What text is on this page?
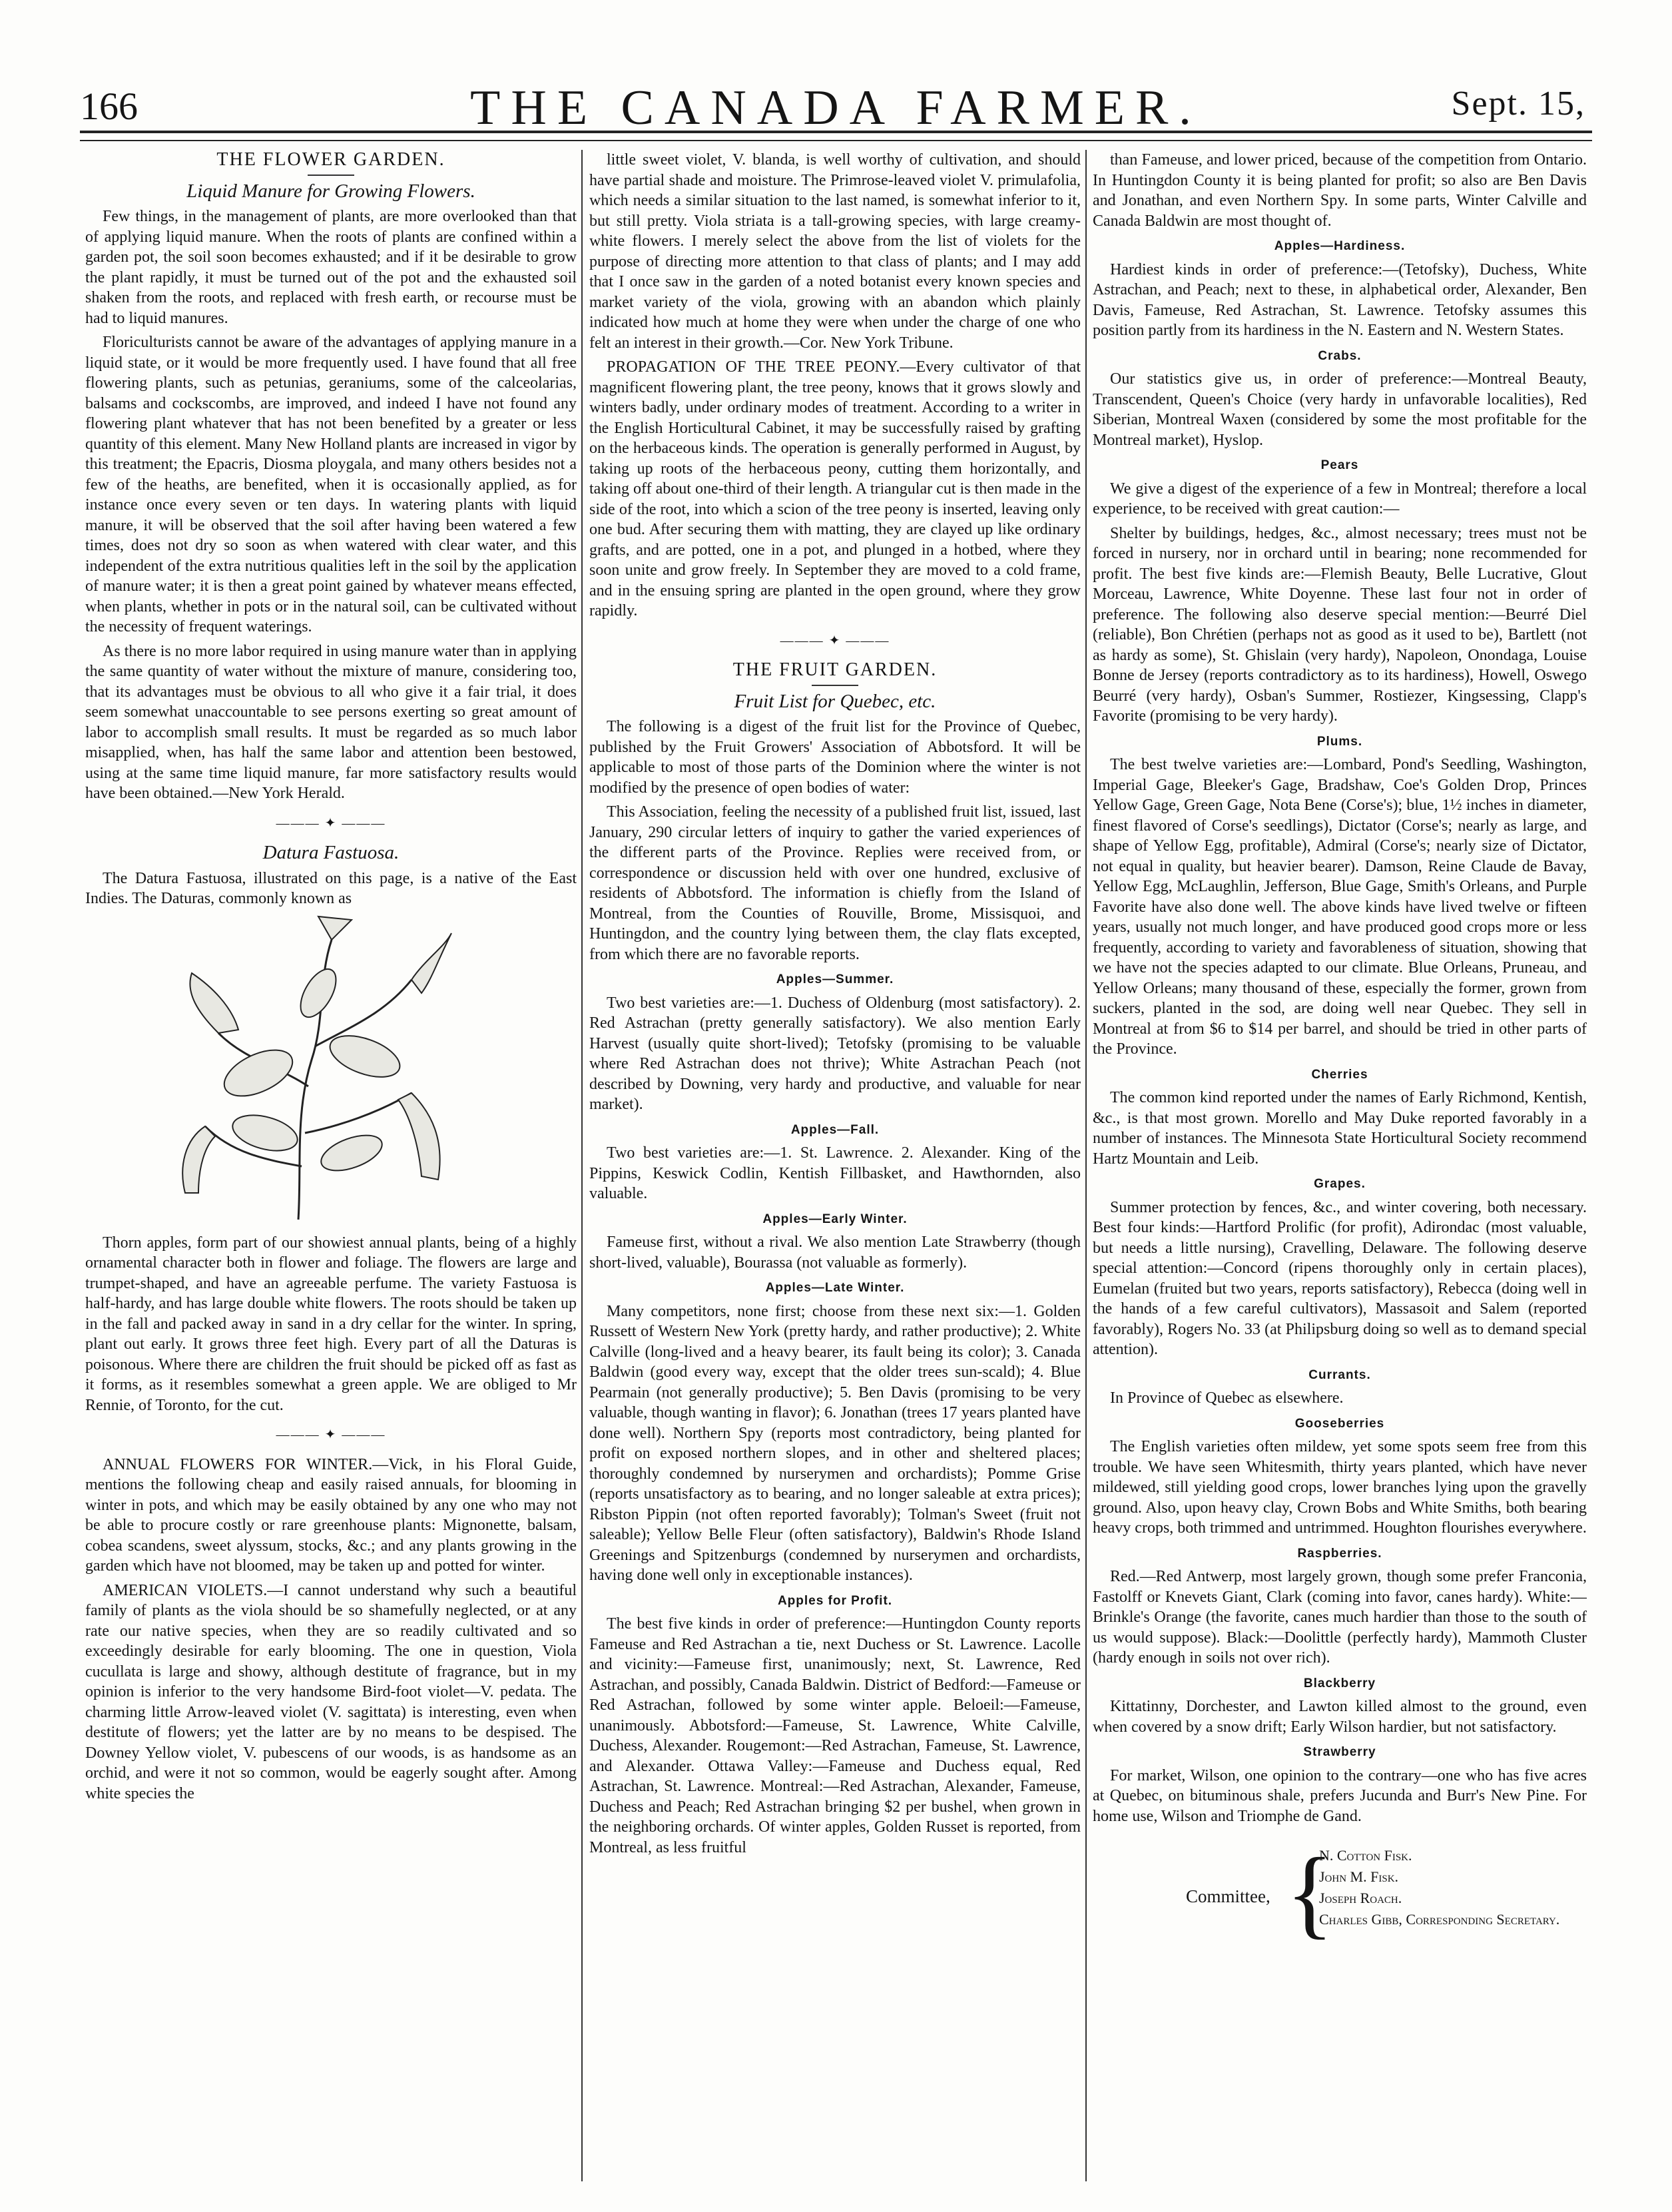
166	THE CANADA FARMER.	Sept. 15,
THE FLOWER GARDEN.
Liquid Manure for Growing Flowers.

Few things, in the management of plants, are more overlooked than that of applying liquid manure. When the roots of plants are confined within a garden pot, the soil soon becomes exhausted; and if it be desirable to grow the plant rapidly, it must be turned out of the pot and the exhausted soil shaken from the roots, and replaced with fresh earth, or recourse must be had to liquid manures.

Floriculturists cannot be aware of the advantages of applying manure in a liquid state, or it would be more frequently used. I have found that all free flowering plants, such as petunias, geraniums, some of the calceolarias, balsams and cockscombs, are improved, and indeed I have not found any flowering plant whatever that has not been benefited by a greater or less quantity of this element. Many New Holland plants are increased in vigor by this treatment; the Epacris, Diosma ploygala, and many others besides not a few of the heaths, are benefited, when it is occasionally applied, as for instance once every seven or ten days. In watering plants with liquid manure, it will be observed that the soil after having been watered a few times, does not dry so soon as when watered with clear water, and this independent of the extra nutritious qualities left in the soil by the application of manure water; it is then a great point gained by whatever means effected, when plants, whether in pots or in the natural soil, can be cultivated without the necessity of frequent waterings.

As there is no more labor required in using manure water than in applying the same quantity of water without the mixture of manure, considering too, that its advantages must be obvious to all who give it a fair trial, it does seem somewhat unaccountable to see persons exerting so great amount of labor to accomplish small results. It must be regarded as so much labor misapplied, when, has half the same labor and attention been bestowed, using at the same time liquid manure, far more satisfactory results would have been obtained.—New York Herald.

——— ✦ ———
Datura Fastuosa.

The Datura Fastuosa, illustrated on this page, is a native of the East Indies. The Daturas, commonly known as

Thorn apples, form part of our showiest annual plants, being of a highly ornamental character both in flower and foliage. The flowers are large and trumpet-shaped, and have an agreeable perfume. The variety Fastuosa is half-hardy, and has large double white flowers. The roots should be taken up in the fall and packed away in sand in a dry cellar for the winter. In spring, plant out early. It grows three feet high. Every part of all the Daturas is poisonous. Where there are children the fruit should be picked off as fast as it forms, as it resembles somewhat a green apple. We are obliged to Mr Rennie, of Toronto, for the cut.

——— ✦ ———

ANNUAL FLOWERS FOR WINTER.—Vick, in his Floral Guide, mentions the following cheap and easily raised annuals, for blooming in winter in pots, and which may be easily obtained by any one who may not be able to procure costly or rare greenhouse plants: Mignonette, balsam, cobea scandens, sweet alyssum, stocks, &c.; and any plants growing in the garden which have not bloomed, may be taken up and potted for winter.

AMERICAN VIOLETS.—I cannot understand why such a beautiful family of plants as the viola should be so shamefully neglected, or at any rate our native species, when they are so readily cultivated and so exceedingly desirable for early blooming. The one in question, Viola cucullata is large and showy, although destitute of fragrance, but in my opinion is inferior to the very handsome Bird-foot violet—V. pedata. The charming little Arrow-leaved violet (V. sagittata) is interesting, even when destitute of flowers; yet the latter are by no means to be despised. The Downey Yellow violet, V. pubescens of our woods, is as handsome as an orchid, and were it not so common, would be eagerly sought after. Among white species the

little sweet violet, V. blanda, is well worthy of cultivation, and should have partial shade and moisture. The Primrose-leaved violet V. primulafolia, which needs a similar situation to the last named, is somewhat inferior to it, but still pretty. Viola striata is a tall-growing species, with large creamy-white flowers. I merely select the above from the list of violets for the purpose of directing more attention to that class of plants; and I may add that I once saw in the garden of a noted botanist every known species and market variety of the viola, growing with an abandon which plainly indicated how much at home they were when under the charge of one who felt an interest in their growth.—Cor. New York Tribune.

PROPAGATION OF THE TREE PEONY.—Every cultivator of that magnificent flowering plant, the tree peony, knows that it grows slowly and winters badly, under ordinary modes of treatment. According to a writer in the English Horticultural Cabinet, it may be successfully raised by grafting on the herbaceous kinds. The operation is generally performed in August, by taking up roots of the herbaceous peony, cutting them horizontally, and taking off about one-third of their length. A triangular cut is then made in the side of the root, into which a scion of the tree peony is inserted, leaving only one bud. After securing them with matting, they are clayed up like ordinary grafts, and are potted, one in a pot, and plunged in a hotbed, where they soon unite and grow freely. In September they are moved to a cold frame, and in the ensuing spring are planted in the open ground, where they grow rapidly.

——— ✦ ———
THE FRUIT GARDEN.
Fruit List for Quebec, etc.

The following is a digest of the fruit list for the Province of Quebec, published by the Fruit Growers' Association of Abbotsford. It will be applicable to most of those parts of the Dominion where the winter is not modified by the presence of open bodies of water:

This Association, feeling the necessity of a published fruit list, issued, last January, 290 circular letters of inquiry to gather the varied experiences of the different parts of the Province. Replies were received from, or correspondence or discussion held with over one hundred, exclusive of residents of Abbotsford. The information is chiefly from the Island of Montreal, from the Counties of Rouville, Brome, Missisquoi, and Huntingdon, and the country lying between them, the clay flats excepted, from which there are no favorable reports.

Apples—Summer.

Two best varieties are:—1. Duchess of Oldenburg (most satisfactory). 2. Red Astrachan (pretty generally satisfactory). We also mention Early Harvest (usually quite short-lived); Tetofsky (promising to be valuable where Red Astrachan does not thrive); White Astrachan Peach (not described by Downing, very hardy and productive, and valuable for near market).

Apples—Fall.

Two best varieties are:—1. St. Lawrence. 2. Alexander. King of the Pippins, Keswick Codlin, Kentish Fillbasket, and Hawthornden, also valuable.

Apples—Early Winter.

Fameuse first, without a rival. We also mention Late Strawberry (though short-lived, valuable), Bourassa (not valuable as formerly).

Apples—Late Winter.

Many competitors, none first; choose from these next six:—1. Golden Russett of Western New York (pretty hardy, and rather productive); 2. White Calville (long-lived and a heavy bearer, its fault being its color); 3. Canada Baldwin (good every way, except that the older trees sun-scald); 4. Blue Pearmain (not generally productive); 5. Ben Davis (promising to be very valuable, though wanting in flavor); 6. Jonathan (trees 17 years planted have done well). Northern Spy (reports most contradictory, being planted for profit on exposed northern slopes, and in other and sheltered places; thoroughly condemned by nurserymen and orchardists); Pomme Grise (reports unsatisfactory as to bearing, and no longer saleable at extra prices); Ribston Pippin (not often reported favorably); Tolman's Sweet (fruit not saleable); Yellow Belle Fleur (often satisfactory), Baldwin's Rhode Island Greenings and Spitzenburgs (condemned by nurserymen and orchardists, having done well only in exceptionable instances).

Apples for Profit.

The best five kinds in order of preference:—Huntingdon County reports Fameuse and Red Astrachan a tie, next Duchess or St. Lawrence. Lacolle and vicinity:—Fameuse first, unanimously; next, St. Lawrence, Red Astrachan, and possibly, Canada Baldwin. District of Bedford:—Fameuse or Red Astrachan, followed by some winter apple. Beloeil:—Fameuse, unanimously. Abbotsford:—Fameuse, St. Lawrence, White Calville, Duchess, Alexander. Rougemont:—Red Astrachan, Fameuse, St. Lawrence, and Alexander. Ottawa Valley:—Fameuse and Duchess equal, Red Astrachan, St. Lawrence. Montreal:—Red Astrachan, Alexander, Fameuse, Duchess and Peach; Red Astrachan bringing $2 per bushel, when grown in the neighboring orchards. Of winter apples, Golden Russet is reported, from Montreal, as less fruitful

than Fameuse, and lower priced, because of the competition from Ontario. In Huntingdon County it is being planted for profit; so also are Ben Davis and Jonathan, and even Northern Spy. In some parts, Winter Calville and Canada Baldwin are most thought of.

Apples—Hardiness.

Hardiest kinds in order of preference:—(Tetofsky), Duchess, White Astrachan, and Peach; next to these, in alphabetical order, Alexander, Ben Davis, Fameuse, Red Astrachan, St. Lawrence. Tetofsky assumes this position partly from its hardiness in the N. Eastern and N. Western States.

Crabs.

Our statistics give us, in order of preference:—Montreal Beauty, Transcendent, Queen's Choice (very hardy in unfavorable localities), Red Siberian, Montreal Waxen (considered by some the most profitable for the Montreal market), Hyslop.

Pears

We give a digest of the experience of a few in Montreal; therefore a local experience, to be received with great caution:—

Shelter by buildings, hedges, &c., almost necessary; trees must not be forced in nursery, nor in orchard until in bearing; none recommended for profit. The best five kinds are:—Flemish Beauty, Belle Lucrative, Glout Morceau, Lawrence, White Doyenne. These last four not in order of preference. The following also deserve special mention:—Beurré Diel (reliable), Bon Chrétien (perhaps not as good as it used to be), Bartlett (not as hardy as some), St. Ghislain (very hardy), Napoleon, Onondaga, Louise Bonne de Jersey (reports contradictory as to its hardiness), Howell, Oswego Beurré (very hardy), Osban's Summer, Rostiezer, Kingsessing, Clapp's Favorite (promising to be very hardy).

Plums.

The best twelve varieties are:—Lombard, Pond's Seedling, Washington, Imperial Gage, Bleeker's Gage, Bradshaw, Coe's Golden Drop, Princes Yellow Gage, Green Gage, Nota Bene (Corse's); blue, 1½ inches in diameter, finest flavored of Corse's seedlings), Dictator (Corse's; nearly as large, and shape of Yellow Egg, profitable), Admiral (Corse's; nearly size of Dictator, not equal in quality, but heavier bearer). Damson, Reine Claude de Bavay, Yellow Egg, McLaughlin, Jefferson, Blue Gage, Smith's Orleans, and Purple Favorite have also done well. The above kinds have lived twelve or fifteen years, usually not much longer, and have produced good crops more or less frequently, according to variety and favorableness of situation, showing that we have not the species adapted to our climate. Blue Orleans, Pruneau, and Yellow Orleans; many thousand of these, especially the former, grown from suckers, planted in the sod, are doing well near Quebec. They sell in Montreal at from $6 to $14 per barrel, and should be tried in other parts of the Province.

Cherries

The common kind reported under the names of Early Richmond, Kentish, &c., is that most grown. Morello and May Duke reported favorably in a number of instances. The Minnesota State Horticultural Society recommend Hartz Mountain and Leib.

Grapes.

Summer protection by fences, &c., and winter covering, both necessary. Best four kinds:—Hartford Prolific (for profit), Adirondac (most valuable, but needs a little nursing), Cravelling, Delaware. The following deserve special attention:—Concord (ripens thoroughly only in certain places), Eumelan (fruited but two years, reports satisfactory), Rebecca (doing well in the hands of a few careful cultivators), Massasoit and Salem (reported favorably), Rogers No. 33 (at Philipsburg doing so well as to demand special attention).

Currants.

In Province of Quebec as elsewhere.

Gooseberries

The English varieties often mildew, yet some spots seem free from this trouble. We have seen Whitesmith, thirty years planted, which have never mildewed, still yielding good crops, lower branches lying upon the gravelly ground. Also, upon heavy clay, Crown Bobs and White Smiths, both bearing heavy crops, both trimmed and untrimmed. Houghton flourishes everywhere.

Raspberries.

Red.—Red Antwerp, most largely grown, though some prefer Franconia, Fastolff or Knevets Giant, Clark (coming into favor, canes hardy). White:—Brinkle's Orange (the favorite, canes much hardier than those to the south of us would suppose). Black:—Doolittle (perfectly hardy), Mammoth Cluster (hardy enough in soils not over rich).

Blackberry

Kittatinny, Dorchester, and Lawton killed almost to the ground, even when covered by a snow drift; Early Wilson hardier, but not satisfactory.

Strawberry

For market, Wilson, one opinion to the contrary—one who has five acres at Quebec, on bituminous shale, prefers Jucunda and Burr's New Pine. For home use, Wilson and Triomphe de Gand.

Committee, {
N. Cotton Fisk.
John M. Fisk.
Joseph Roach.
Charles Gibb, Corresponding Secretary.
